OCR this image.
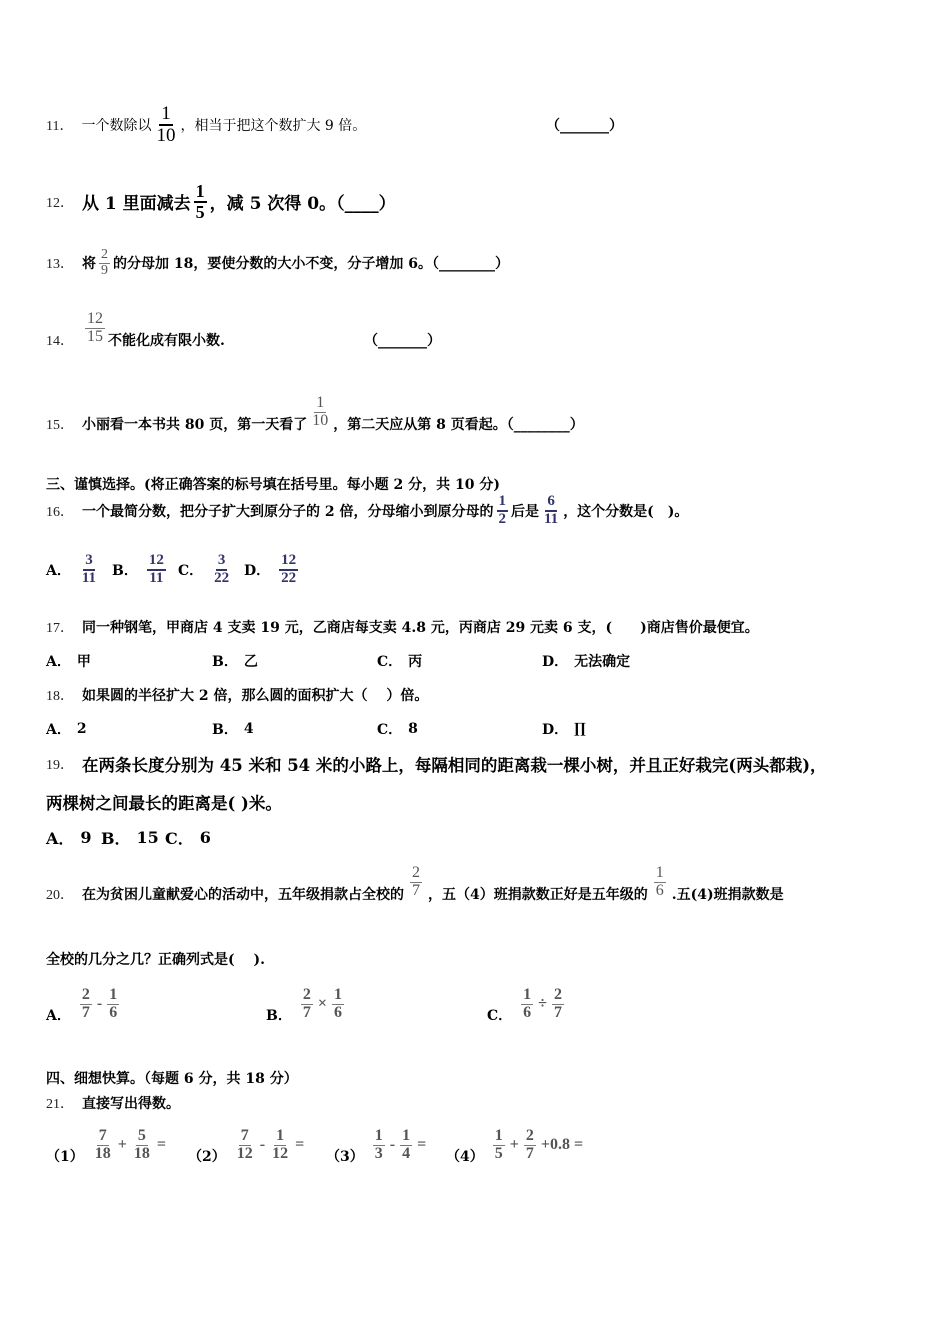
11． 一个数除以 $\frac{1}{10}$ ，相当于把这个数扩大 9 倍。	（_______）
12． 从 1 里面减去 $\frac{1}{5}$ ，减 5 次得 0。（____）
13． 将 $\frac{2}{9}$ 的分母加 18，要使分数的大小不变，分子增加 6。（________）
14． $\frac{12}{15}$ 不能化成有限小数.	（_______）
15． 小丽看一本书共 80 页，第一天看了 $\frac{1}{10}$ ，第二天应从第 8 页看起。（________）
三、谨慎选择。(将正确答案的标号填在括号里。每小题 2 分，共 10 分)
16． 一个最简分数，把分子扩大到原分子的 2 倍，分母缩小到原分母的 $\frac{1}{2}$ 后是 $\frac{6}{11}$ ，这个分数是(　)。
A． $\frac{3}{11}$ B． $\frac{12}{11}$ C． $\frac{3}{22}$ D． $\frac{12}{22}$
17． 同一种钢笔，甲商店 4 支卖 19 元，乙商店每支卖 4.8 元，丙商店 29 元卖 6 支，(　　)商店售价最便宜。
A． 甲	B． 乙	C． 丙	D． 无法确定
18． 如果圆的半径扩大 2 倍，那么圆的面积扩大（　 ）倍。
A． 2	B． 4	C． 8	D． ∏
19． 在两条长度分别为 45 米和 54 米的小路上，每隔相同的距离栽一棵小树，并且正好栽完(两头都栽)，
两棵树之间最长的距离是( )米。
A． 9 B． 15 C． 6
20． 在为贫困儿童献爱心的活动中，五年级捐款占全校的 $\frac{2}{7}$ ，五（4）班捐款数正好是五年级的 $\frac{1}{6}$ .五(4)班捐款数是
全校的几分之几？正确列式是(　 ).
A． $\frac{2}{7} - \frac{1}{6}$	B． $\frac{2}{7} \times \frac{1}{6}$	C． $\frac{1}{6} \div \frac{2}{7}$
四、细想快算。（每题 6 分，共 18 分）
21． 直接写出得数。
$(1) \frac{7}{18} + \frac{5}{18}$ =
$(2) \frac{7}{12} - \frac{1}{12}$ =
$(3) \frac{1}{3} - \frac{1}{4}$ =
$(4) \frac{1}{5} + \frac{2}{7} +0.8$ =
